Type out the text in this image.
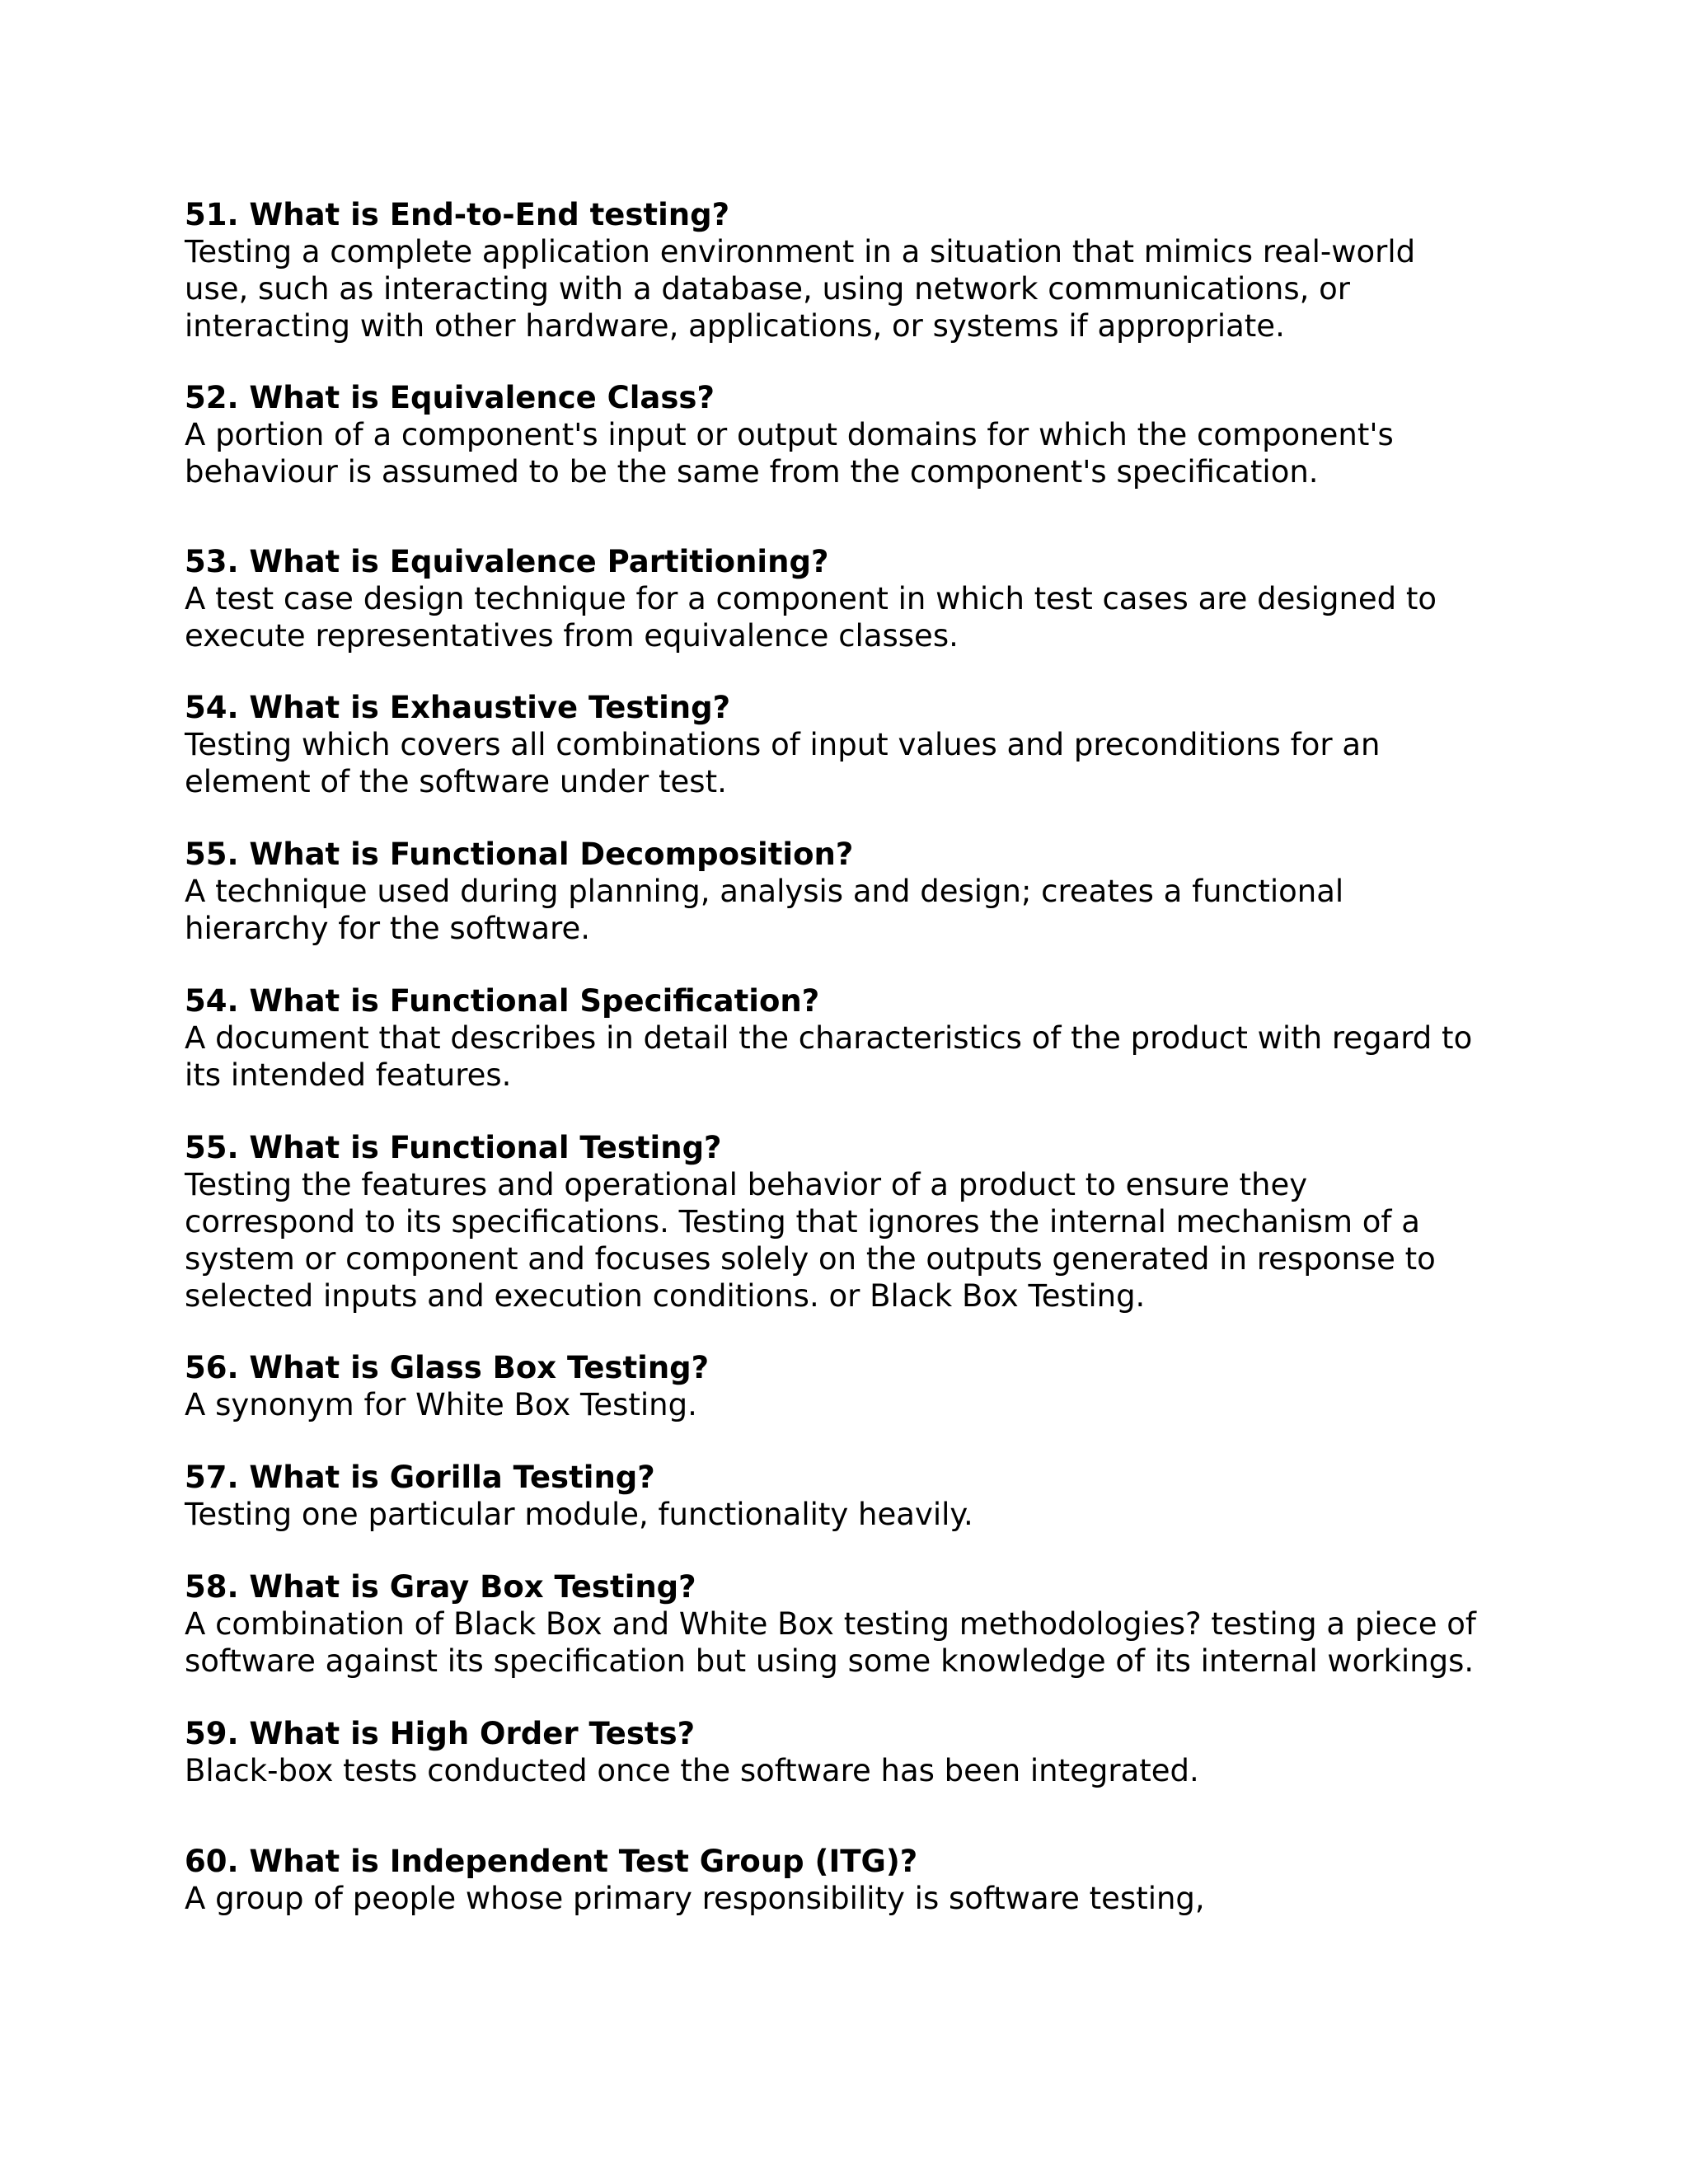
51. What is End-to-End testing?

Testing a complete application environment in a situation that mimics real-world
use, such as interacting with a database, using network communications, or
interacting with other hardware, applications, or systems if appropriate.

52. What is Equivalence Class?

A portion of a component's input or output domains for which the component's
behaviour is assumed to be the same from the component's specification.

53. What is Equivalence Partitioning?

A test case design technique for a component in which test cases are designed to
execute representatives from equivalence classes.

54. What is Exhaustive Testing?

Testing which covers all combinations of input values and preconditions for an
element of the software under test.

55. What is Functional Decomposition?

A technique used during planning, analysis and design; creates a functional
hierarchy for the software.

54. What is Functional Specification?

A document that describes in detail the characteristics of the product with regard to
its intended features.

55. What is Functional Testing?

Testing the features and operational behavior of a product to ensure they
correspond to its specifications. Testing that ignores the internal mechanism of a
system or component and focuses solely on the outputs generated in response to
selected inputs and execution conditions. or Black Box Testing.

56. What is Glass Box Testing?

A synonym for White Box Testing.

57. What is Gorilla Testing?

Testing one particular module, functionality heavily.

58. What is Gray Box Testing?

A combination of Black Box and White Box testing methodologies? testing a piece of
software against its specification but using some knowledge of its internal workings.

59. What is High Order Tests?

Black-box tests conducted once the software has been integrated.

60. What is Independent Test Group (ITG)?

A group of people whose primary responsibility is software testing,
